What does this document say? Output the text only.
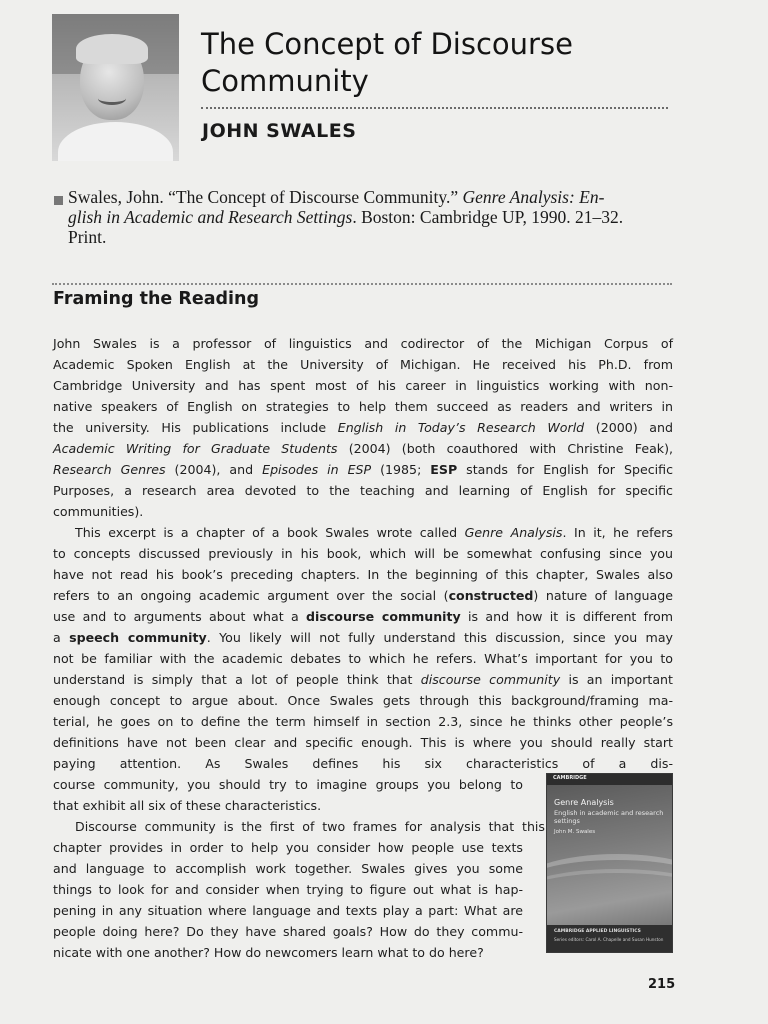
The Concept of Discourse
Community
JOHN SWALES
Swales, John. “The Concept of Discourse Community.” Genre Analysis: En-
glish in Academic and Research Settings. Boston: Cambridge UP, 1990. 21–32.
Print.
Framing the Reading
John Swales is a professor of linguistics and codirector of the Michigan Corpus of
Academic Spoken English at the University of Michigan. He received his Ph.D. from
Cambridge University and has spent most of his career in linguistics working with non-
native speakers of English on strategies to help them succeed as readers and writers in
the university. His publications include English in Today’s Research World (2000) and
Academic Writing for Graduate Students (2004) (both coauthored with Christine Feak),
Research Genres (2004), and Episodes in ESP (1985; ESP stands for English for Specific
Purposes, a research area devoted to the teaching and learning of English for specific
communities).
This excerpt is a chapter of a book Swales wrote called Genre Analysis. In it, he refers
to concepts discussed previously in his book, which will be somewhat confusing since you
have not read his book’s preceding chapters. In the beginning of this chapter, Swales also
refers to an ongoing academic argument over the social (constructed) nature of language
use and to arguments about what a discourse community is and how it is different from
a speech community. You likely will not fully understand this discussion, since you may
not be familiar with the academic debates to which he refers. What’s important for you to
understand is simply that a lot of people think that discourse community is an important
enough concept to argue about. Once Swales gets through this background/framing ma-
terial, he goes on to define the term himself in section 2.3, since he thinks other people’s
definitions have not been clear and specific enough. This is where you should really start
paying attention. As Swales defines his six characteristics of a dis-
course community, you should try to imagine groups you belong to
that exhibit all six of these characteristics.
Discourse community is the first of two frames for analysis that this
chapter provides in order to help you consider how people use texts
and language to accomplish work together. Swales gives you some
things to look for and consider when trying to figure out what is hap-
pening in any situation where language and texts play a part: What are
people doing here? Do they have shared goals? How do they commu-
nicate with one another? How do newcomers learn what to do here?
CAMBRIDGE
Genre Analysis
English in academic and research settings
John M. Swales
CAMBRIDGE APPLIED LINGUISTICS
Series editors: Carol A. Chapelle and Susan Hunston
215
